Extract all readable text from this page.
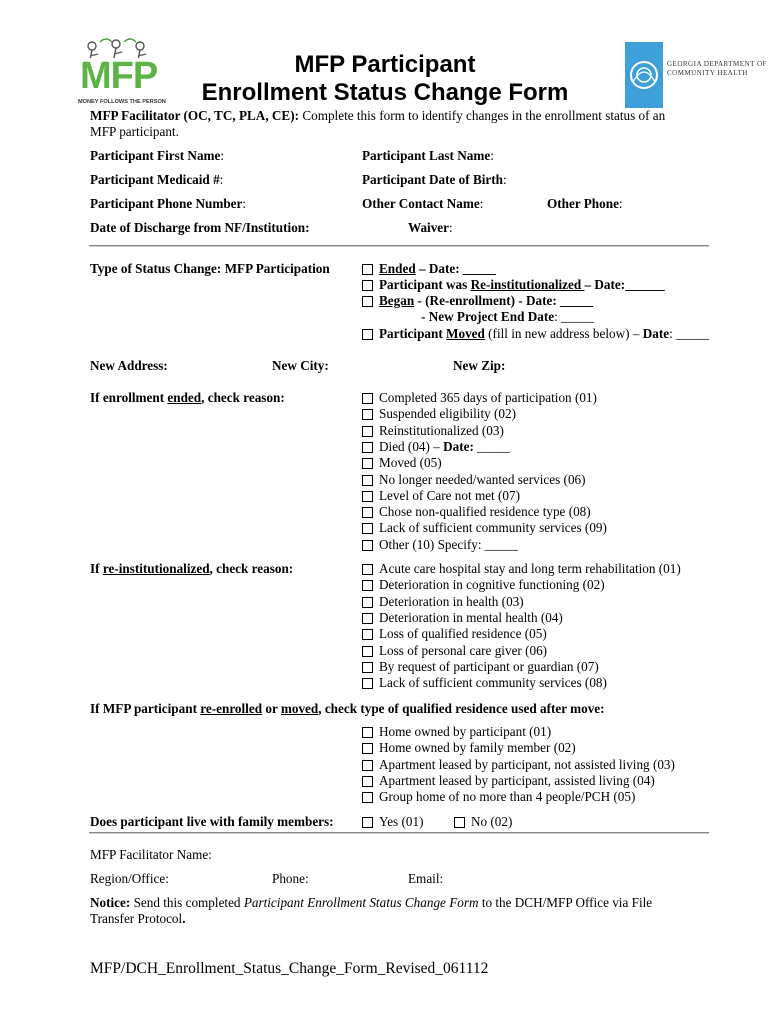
MFP
MONEY FOLLOWS THE PERSON
MFP Participant
Enrollment Status Change Form
GEORGIA DEPARTMENT OF
COMMUNITY HEALTH
MFP Facilitator (OC, TC, PLA, CE): Complete this form to identify changes in the enrollment status of an
MFP participant.
Participant First Name:	Participant Last Name:
Participant Medicaid #:	Participant Date of Birth:
Participant Phone Number:	Other Contact Name:	Other Phone:
Date of Discharge from NF/Institution:	Waiver:
Type of Status Change: MFP Participation	Ended – Date: _____
Participant was Re-institutionalized – Date:______
Began - (Re-enrollment) - Date: _____
- New Project End Date: _____
Participant Moved (fill in new address below) – Date: _____
New Address:	New City:	New Zip:
If enrollment ended, check reason:	Completed 365 days of participation (01)
Suspended eligibility (02)
Reinstitutionalized (03)
Died (04) – Date: _____
Moved (05)
No longer needed/wanted services (06)
Level of Care not met (07)
Chose non-qualified residence type (08)
Lack of sufficient community services (09)
Other (10) Specify: _____
If re-institutionalized, check reason:	Acute care hospital stay and long term rehabilitation (01)
Deterioration in cognitive functioning (02)
Deterioration in health (03)
Deterioration in mental health (04)
Loss of qualified residence (05)
Loss of personal care giver (06)
By request of participant or guardian (07)
Lack of sufficient community services (08)
If MFP participant re-enrolled or moved, check type of qualified residence used after move:
Home owned by participant (01)
Home owned by family member (02)
Apartment leased by participant, not assisted living (03)
Apartment leased by participant, assisted living (04)
Group home of no more than 4 people/PCH (05)
Does participant live with family members:	Yes (01)	No (02)
MFP Facilitator Name:
Region/Office:	Phone:	Email:
Notice: Send this completed Participant Enrollment Status Change Form to the DCH/MFP Office via File
Transfer Protocol.
MFP/DCH_Enrollment_Status_Change_Form_Revised_061112
